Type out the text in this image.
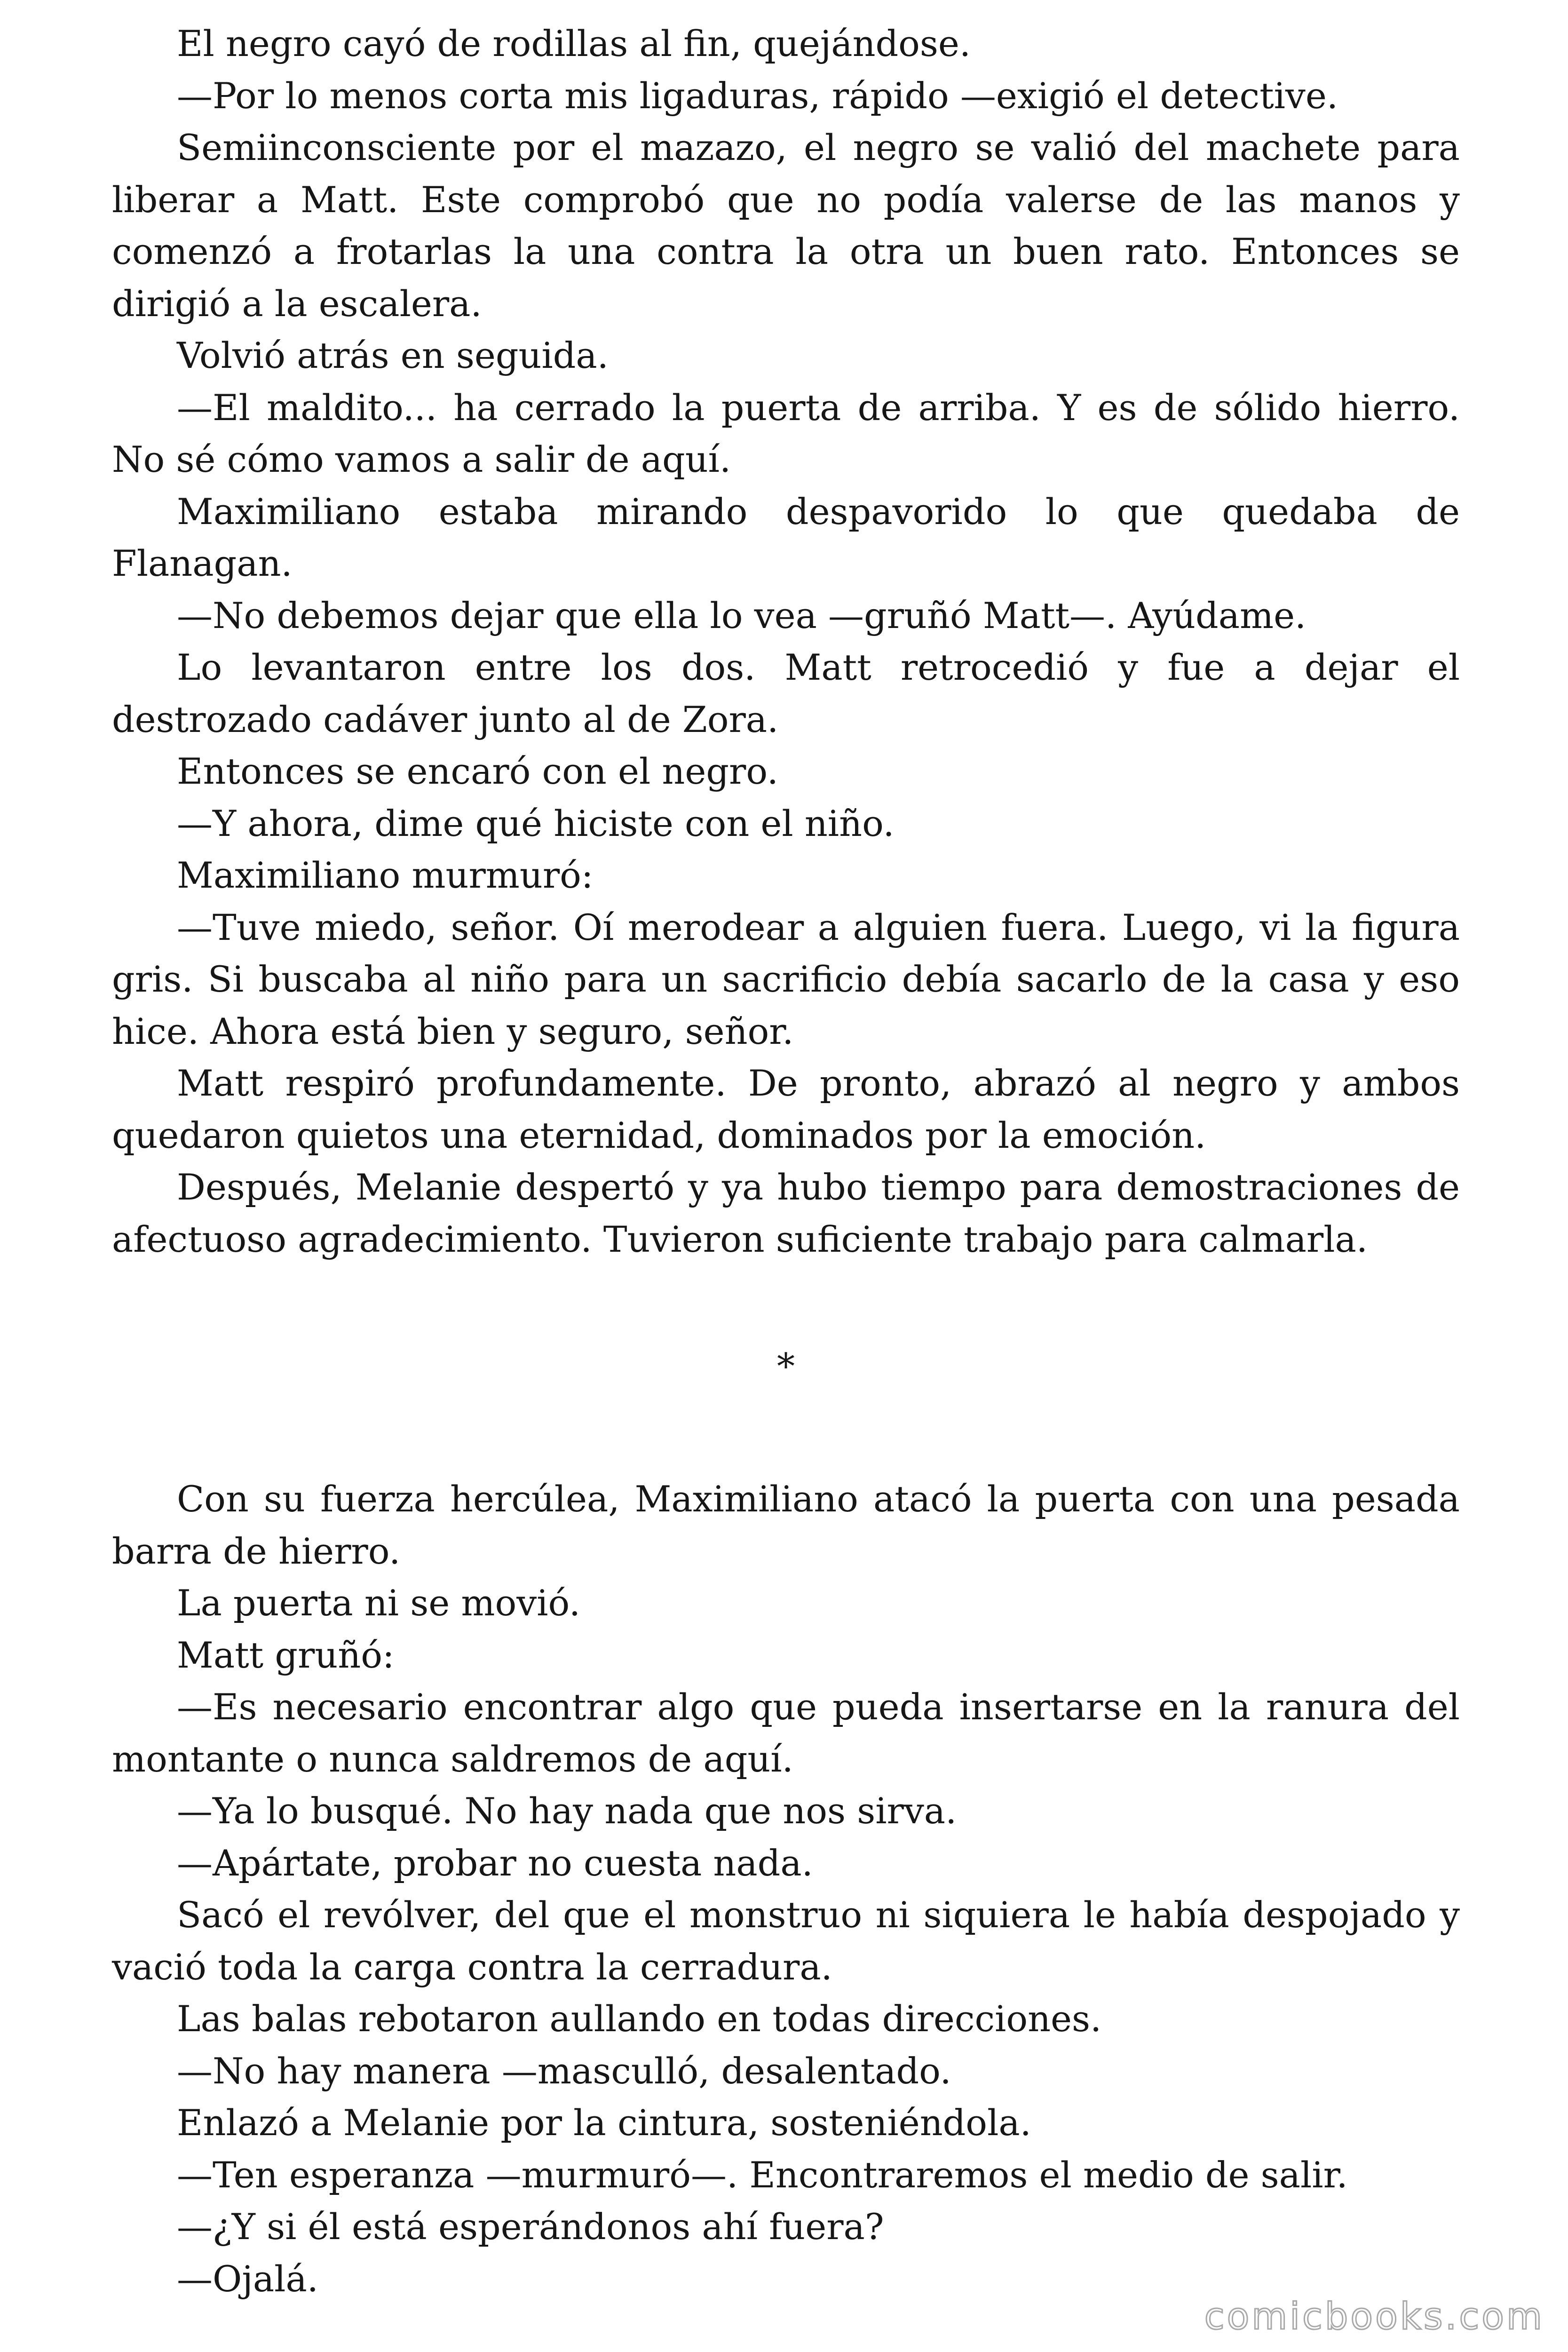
El negro cayó de rodillas al fin, quejándose.

—Por lo menos corta mis ligaduras, rápido —exigió el detective.

Semiinconsciente por el mazazo, el negro se valió del machete para liberar a Matt. Este comprobó que no podía valerse de las manos y comenzó a frotarlas la una contra la otra un buen rato. Entonces se dirigió a la escalera.

Volvió atrás en seguida.

—El maldito... ha cerrado la puerta de arriba. Y es de sólido hierro. No sé cómo vamos a salir de aquí.

Maximiliano estaba mirando despavorido lo que quedaba de Flanagan.

—No debemos dejar que ella lo vea —gruñó Matt—. Ayúdame.

Lo levantaron entre los dos. Matt retrocedió y fue a dejar el destrozado cadáver junto al de Zora.

Entonces se encaró con el negro.

—Y ahora, dime qué hiciste con el niño.

Maximiliano murmuró:

—Tuve miedo, señor. Oí merodear a alguien fuera. Luego, vi la figura gris. Si buscaba al niño para un sacrificio debía sacarlo de la casa y eso hice. Ahora está bien y seguro, señor.

Matt respiró profundamente. De pronto, abrazó al negro y ambos quedaron quietos una eternidad, dominados por la emoción.

Después, Melanie despertó y ya hubo tiempo para demostraciones de afectuoso agradecimiento. Tuvieron suficiente trabajo para calmarla.

*

Con su fuerza hercúlea, Maximiliano atacó la puerta con una pesada barra de hierro.

La puerta ni se movió.

Matt gruñó:

—Es necesario encontrar algo que pueda insertarse en la ranura del montante o nunca saldremos de aquí.

—Ya lo busqué. No hay nada que nos sirva.

—Apártate, probar no cuesta nada.

Sacó el revólver, del que el monstruo ni siquiera le había despojado y vació toda la carga contra la cerradura.

Las balas rebotaron aullando en todas direcciones.

—No hay manera —masculló, desalentado.

Enlazó a Melanie por la cintura, sosteniéndola.

—Ten esperanza —murmuró—. Encontraremos el medio de salir.

—¿Y si él está esperándonos ahí fuera?

—Ojalá.

comicbooks.com
